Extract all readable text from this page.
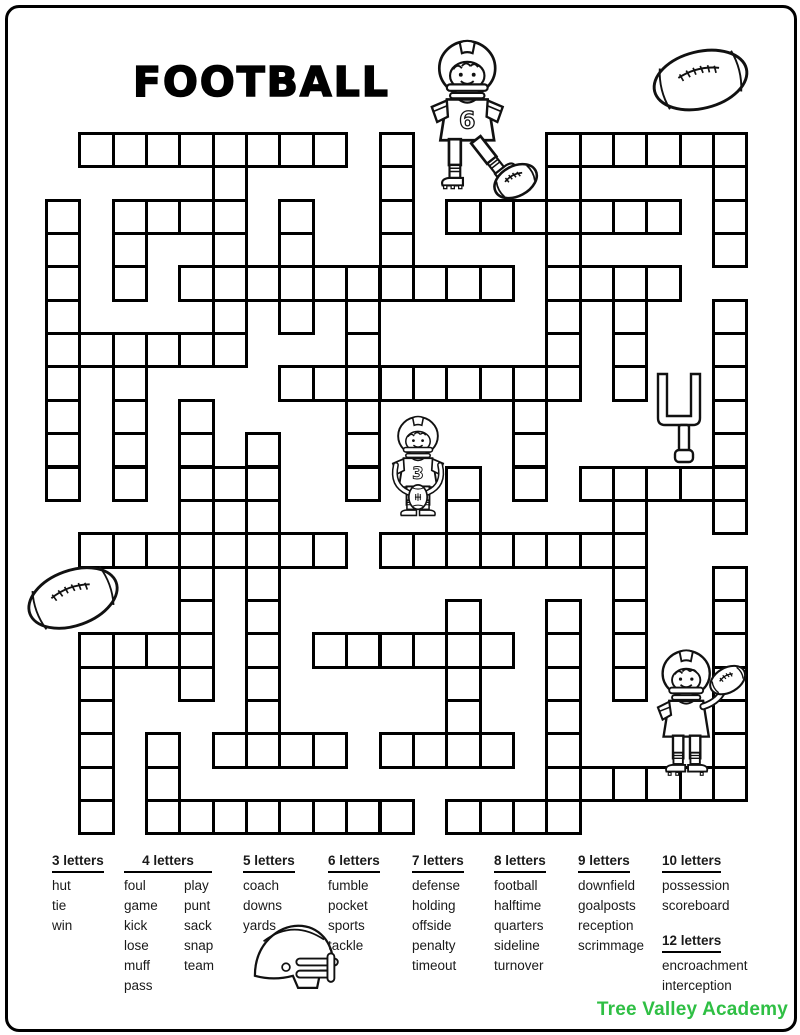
FOOTBALL
6
3
3 letters
hut
tie
win
4 letters
foul
game
kick
lose
muff
pass
play
punt
sack
snap
team
5 letters
coach
downs
yards
6 letters
fumble
pocket
sports
tackle
7 letters
defense
holding
offside
penalty
timeout
8 letters
football
halftime
quarters
sideline
turnover
9 letters
downfield
goalposts
reception
scrimmage
10 letters
possession
scoreboard
12 letters
encroachment
interception
Tree Valley Academy
